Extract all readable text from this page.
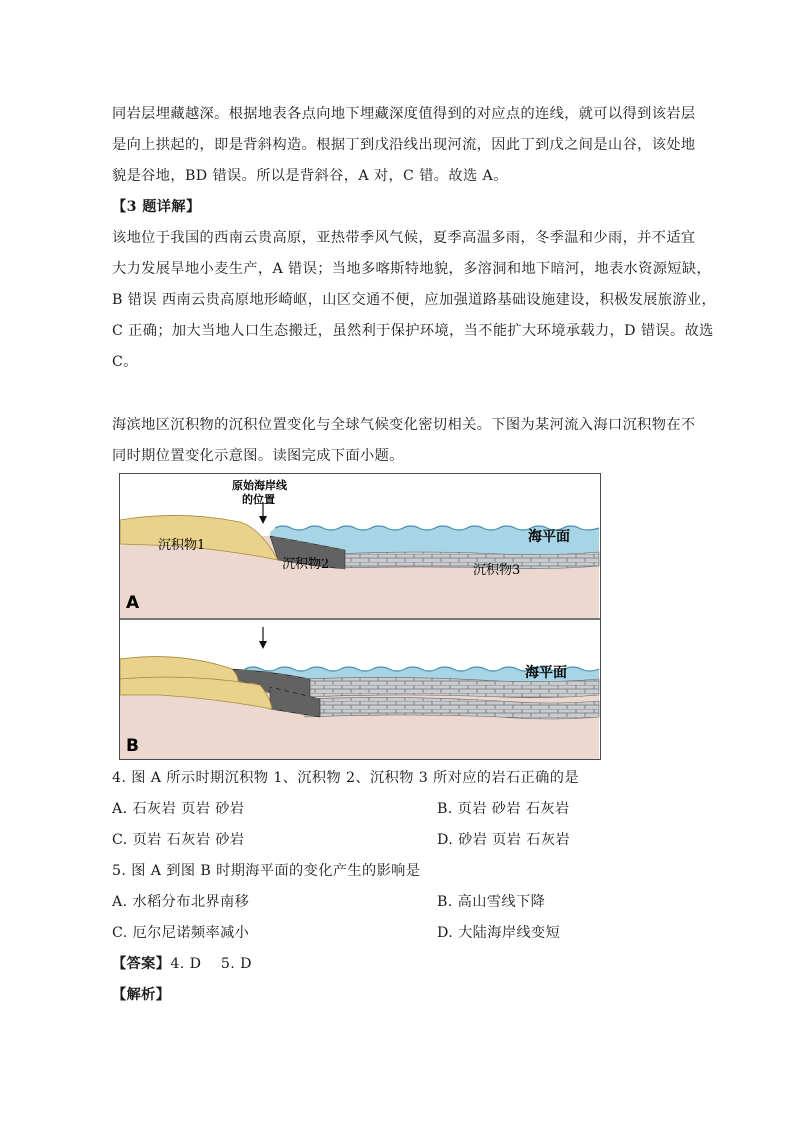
同岩层埋藏越深。根据地表各点向地下埋藏深度值得到的对应点的连线，就可以得到该岩层
是向上拱起的，即是背斜构造。根据丁到戊沿线出现河流，因此丁到戊之间是山谷，该处地
貌是谷地，BD 错误。所以是背斜谷，A 对，C 错。故选 A。
【3 题详解】
该地位于我国的西南云贵高原，亚热带季风气候，夏季高温多雨，冬季温和少雨，并不适宜
大力发展旱地小麦生产，A 错误；当地多喀斯特地貌，多溶洞和地下暗河，地表水资源短缺，
B 错误 西南云贵高原地形崎岖，山区交通不便，应加强道路基础设施建设，积极发展旅游业，
C 正确；加大当地人口生态搬迁，虽然利于保护环境，当不能扩大环境承载力，D 错误。故选
C。
海滨地区沉积物的沉积位置变化与全球气候变化密切相关。下图为某河流入海口沉积物在不
同时期位置变化示意图。读图完成下面小题。
原始海岸线
的位置
沉积物1
沉积物2	沉积物3
海平面
A
海平面
B
4. 图 A 所示时期沉积物 1、沉积物 2、沉积物 3 所对应的岩石正确的是
A. 石灰岩 页岩 砂岩	B. 页岩 砂岩 石灰岩
C. 页岩 石灰岩 砂岩	D. 砂岩 页岩 石灰岩
5. 图 A 到图 B 时期海平面的变化产生的影响是
A. 水稻分布北界南移	B. 高山雪线下降
C. 厄尔尼诺频率减小	D. 大陆海岸线变短
【答案】4. D　 5. D
【解析】
